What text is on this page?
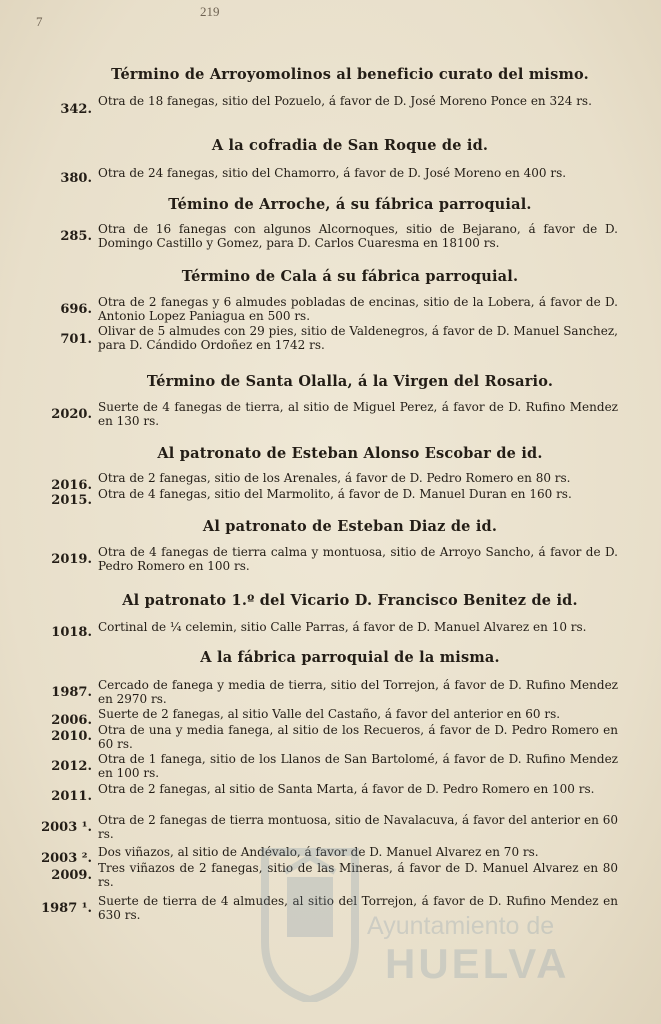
7
219
Término de Arroyomolinos al beneficio curato del mismo.
342.
Otra de 18 fanegas, sitio del Pozuelo, á favor de D. José Moreno Ponce en 324 rs.
A la cofradia de San Roque de id.
380. Otra de 24 fanegas, sitio del Chamorro, á favor de D. José Moreno en 400 rs.
Témino de Arroche, á su fábrica parroquial.
285. Otra de 16 fanegas con algunos Alcornoques, sitio de Bejarano, á favor de D. Domingo Castillo y Gomez, para D. Carlos Cuaresma en 18100 rs.
Término de Cala á su fábrica parroquial.
696. Otra de 2 fanegas y 6 almudes pobladas de encinas, sitio de la Lobera, á favor de D. Antonio Lopez Paniagua en 500 rs.
701.
Olivar de 5 almudes con 29 pies, sitio de Valdenegros, á favor de D. Manuel Sanchez, para D. Cándido Ordoñez en 1742 rs.
Término de Santa Olalla, á la Virgen del Rosario.
2020. Suerte de 4 fanegas de tierra, al sitio de Miguel Perez, á favor de D. Rufino Mendez en 130 rs.
Al patronato de Esteban Alonso Escobar de id.
2016. Otra de 2 fanegas, sitio de los Arenales, á favor de D. Pedro Romero en 80 rs.
2015. Otra de 4 fanegas, sitio del Marmolito, á favor de D. Manuel Duran en 160 rs.
Al patronato de Esteban Diaz de id.
2019. Otra de 4 fanegas de tierra calma y montuosa, sitio de Arroyo Sancho, á favor de D. Pedro Romero en 100 rs.
Al patronato 1.º del Vicario D. Francisco Benitez de id.
1018. Cortinal de ¼ celemin, sitio Calle Parras, á favor de D. Manuel Alvarez en 10 rs.
A la fábrica parroquial de la misma.
1987. Cercado de fanega y media de tierra, sitio del Torrejon, á favor de D. Rufino Mendez en 2970 rs.
2006. Suerte de 2 fanegas, al sitio Valle del Castaño, á favor del anterior en 60 rs.
2010. Otra de una y media fanega, al sitio de los Recueros, á favor de D. Pedro Romero en 60 rs.
2012. Otra de 1 fanega, sitio de los Llanos de San Bartolomé, á favor de D. Rufino Mendez en 100 rs.
2011. Otra de 2 fanegas, al sitio de Santa Marta, á favor de D. Pedro Romero en 100 rs.
2003 ¹. Otra de 2 fanegas de tierra montuosa, sitio de Navalacuva, á favor del anterior en 60 rs.
2003 ². Dos viñazos, al sitio de Andévalo, á favor de D. Manuel Alvarez en 70 rs.
2009. Tres viñazos de 2 fanegas, sitio de las Mineras, á favor de D. Manuel Alvarez en 80 rs.
1987 ¹. Suerte de tierra de 4 almudes, al sitio del Torrejon, á favor de D. Rufino Mendez en 630 rs.	Ayuntamiento de
HUELVA
